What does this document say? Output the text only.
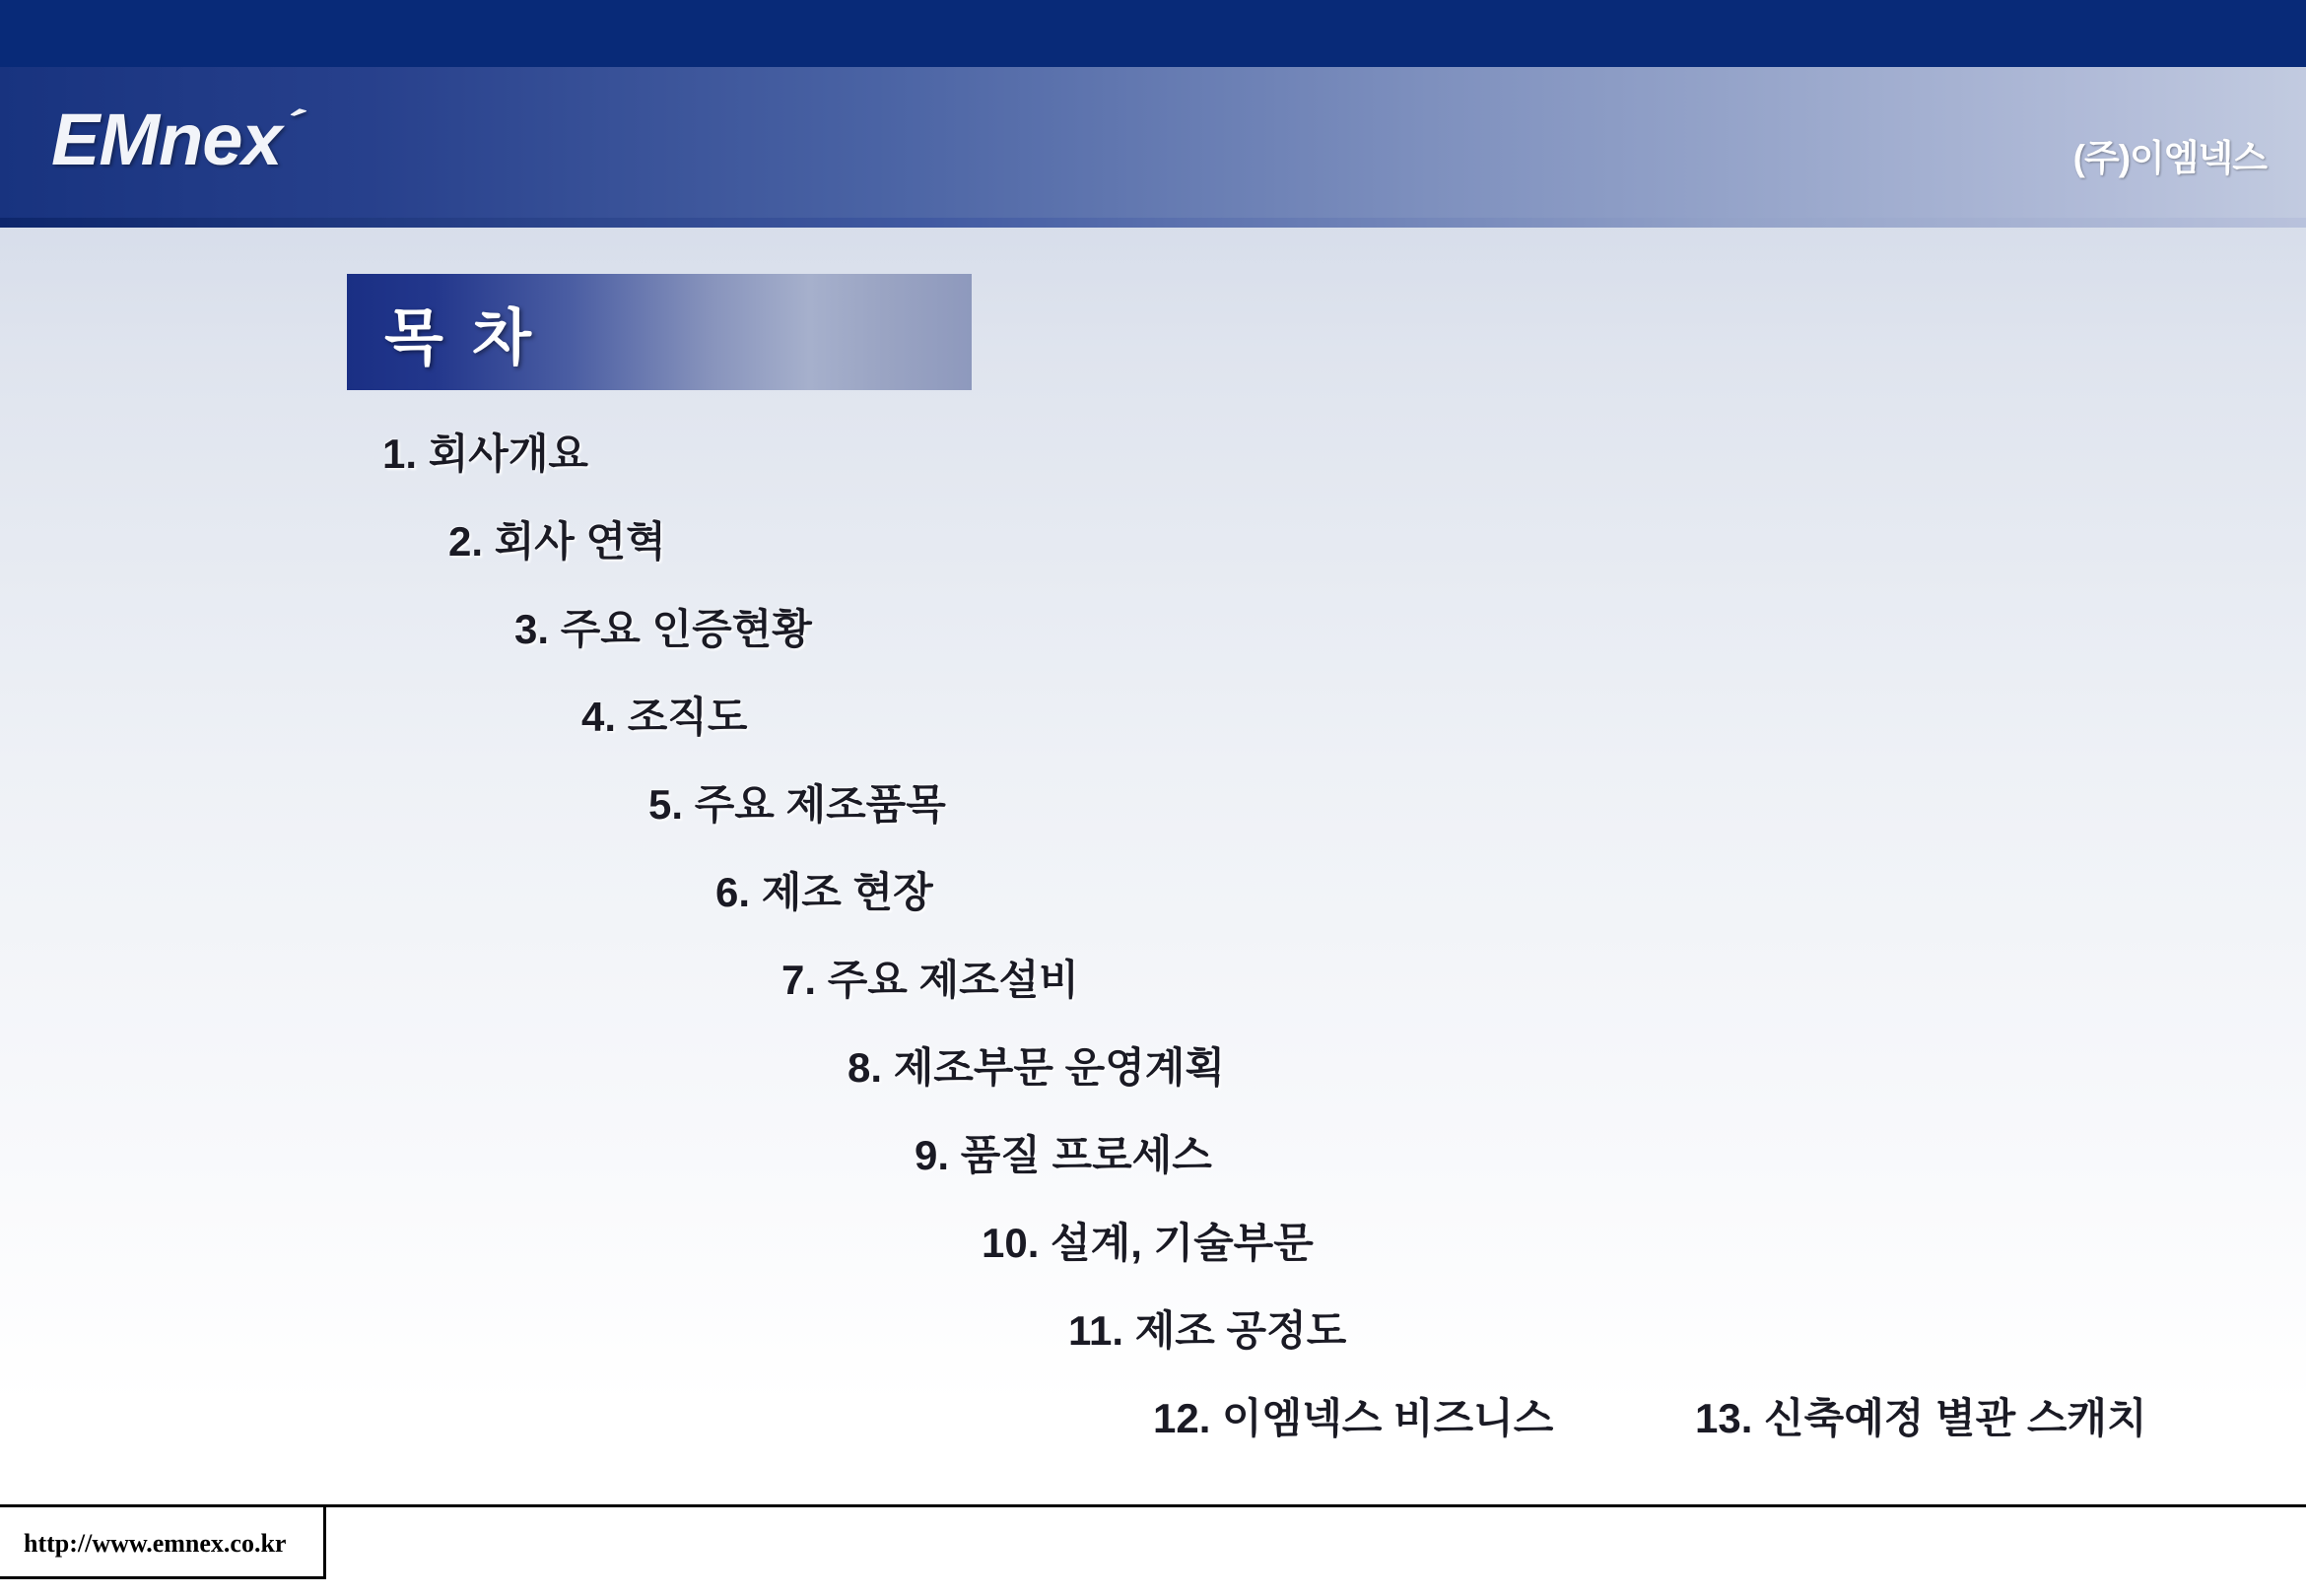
EMnex´	(주)이엠넥스
목 차
1. 회사개요
2. 회사 연혁
3. 주요 인증현황
4. 조직도
5. 주요 제조품목
6. 제조 현장
7. 주요 제조설비
8. 제조부문 운영계획
9. 품질 프로세스
10. 설계, 기술부문
11. 제조 공정도
12. 이엠넥스 비즈니스	13. 신축예정 별관 스캐치
http://www.emnex.co.kr
